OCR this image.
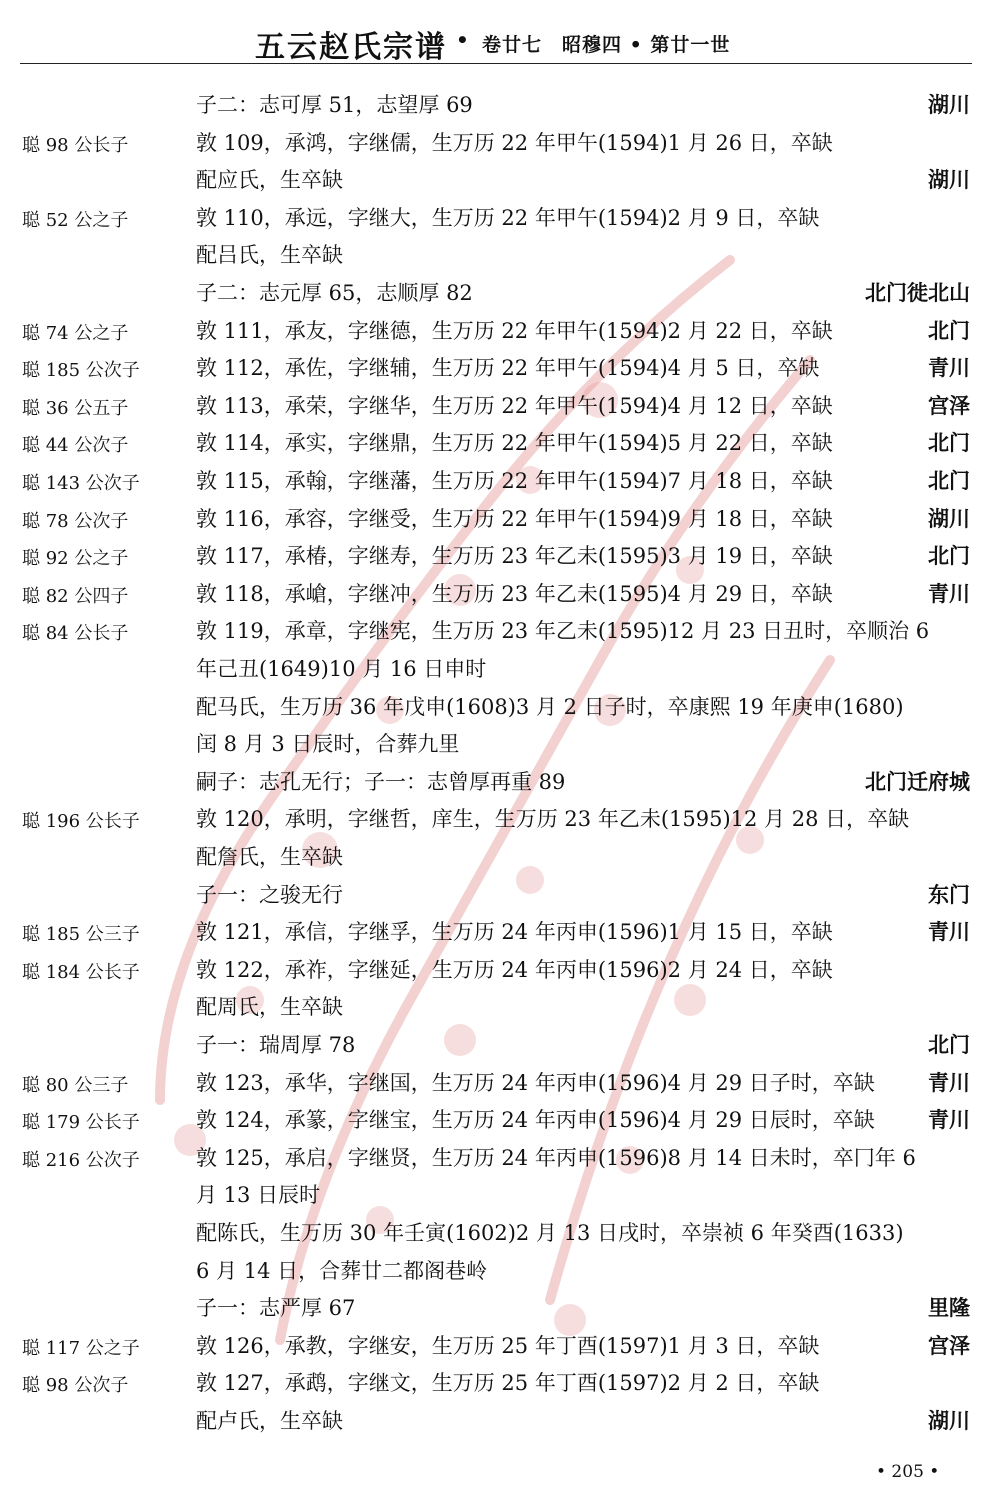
五云赵氏宗谱 • 卷廿七　昭穆四 • 第廿一世
子二：志可厚 51，志望厚 69	湖川
聪 98 公长子	敦 109，承鸿，字继儒，生万历 22 年甲午(1594)1 月 26 日，卒缺
配应氏，生卒缺	湖川
聪 52 公之子	敦 110，承远，字继大，生万历 22 年甲午(1594)2 月 9 日，卒缺
配吕氏，生卒缺
子二：志元厚 65，志顺厚 82	北门徙北山
聪 74 公之子	敦 111，承友，字继德，生万历 22 年甲午(1594)2 月 22 日，卒缺	北门
聪 185 公次子	敦 112，承佐，字继辅，生万历 22 年甲午(1594)4 月 5 日，卒缺	青川
聪 36 公五子	敦 113，承荣，字继华，生万历 22 年甲午(1594)4 月 12 日，卒缺	宫泽
聪 44 公次子	敦 114，承实，字继鼎，生万历 22 年甲午(1594)5 月 22 日，卒缺	北门
聪 143 公次子	敦 115，承翰，字继藩，生万历 22 年甲午(1594)7 月 18 日，卒缺	北门
聪 78 公次子	敦 116，承容，字继受，生万历 22 年甲午(1594)9 月 18 日，卒缺	湖川
聪 92 公之子	敦 117，承椿，字继寿，生万历 23 年乙未(1595)3 月 19 日，卒缺	北门
聪 82 公四子	敦 118，承嵢，字继冲，生万历 23 年乙未(1595)4 月 29 日，卒缺	青川
聪 84 公长子	敦 119，承章，字继宪，生万历 23 年乙未(1595)12 月 23 日丑时，卒顺治 6
年己丑(1649)10 月 16 日申时
配马氏，生万历 36 年戊申(1608)3 月 2 日子时，卒康熙 19 年庚申(1680)
闰 8 月 3 日辰时，合葬九里
嗣子：志孔无行；子一：志曾厚再重 89	北门迁府城
聪 196 公长子	敦 120，承明，字继哲，庠生，生万历 23 年乙未(1595)12 月 28 日，卒缺
配詹氏，生卒缺
子一：之骏无行	东门
聪 185 公三子	敦 121，承信，字继孚，生万历 24 年丙申(1596)1 月 15 日，卒缺	青川
聪 184 公长子	敦 122，承祚，字继延，生万历 24 年丙申(1596)2 月 24 日，卒缺
配周氏，生卒缺
子一：瑞周厚 78	北门
聪 80 公三子	敦 123，承华，字继国，生万历 24 年丙申(1596)4 月 29 日子时，卒缺	青川
聪 179 公长子	敦 124，承篆，字继宝，生万历 24 年丙申(1596)4 月 29 日辰时，卒缺	青川
聪 216 公次子	敦 125，承启，字继贤，生万历 24 年丙申(1596)8 月 14 日未时，卒冂年 6
月 13 日辰时
配陈氏，生万历 30 年壬寅(1602)2 月 13 日戌时，卒崇祯 6 年癸酉(1633)
6 月 14 日，合葬廿二都阁巷岭
子一：志严厚 67	里隆
聪 117 公之子	敦 126，承教，字继安，生万历 25 年丁酉(1597)1 月 3 日，卒缺	宫泽
聪 98 公次子	敦 127，承鹉，字继文，生万历 25 年丁酉(1597)2 月 2 日，卒缺
配卢氏，生卒缺	湖川
• 205 •
